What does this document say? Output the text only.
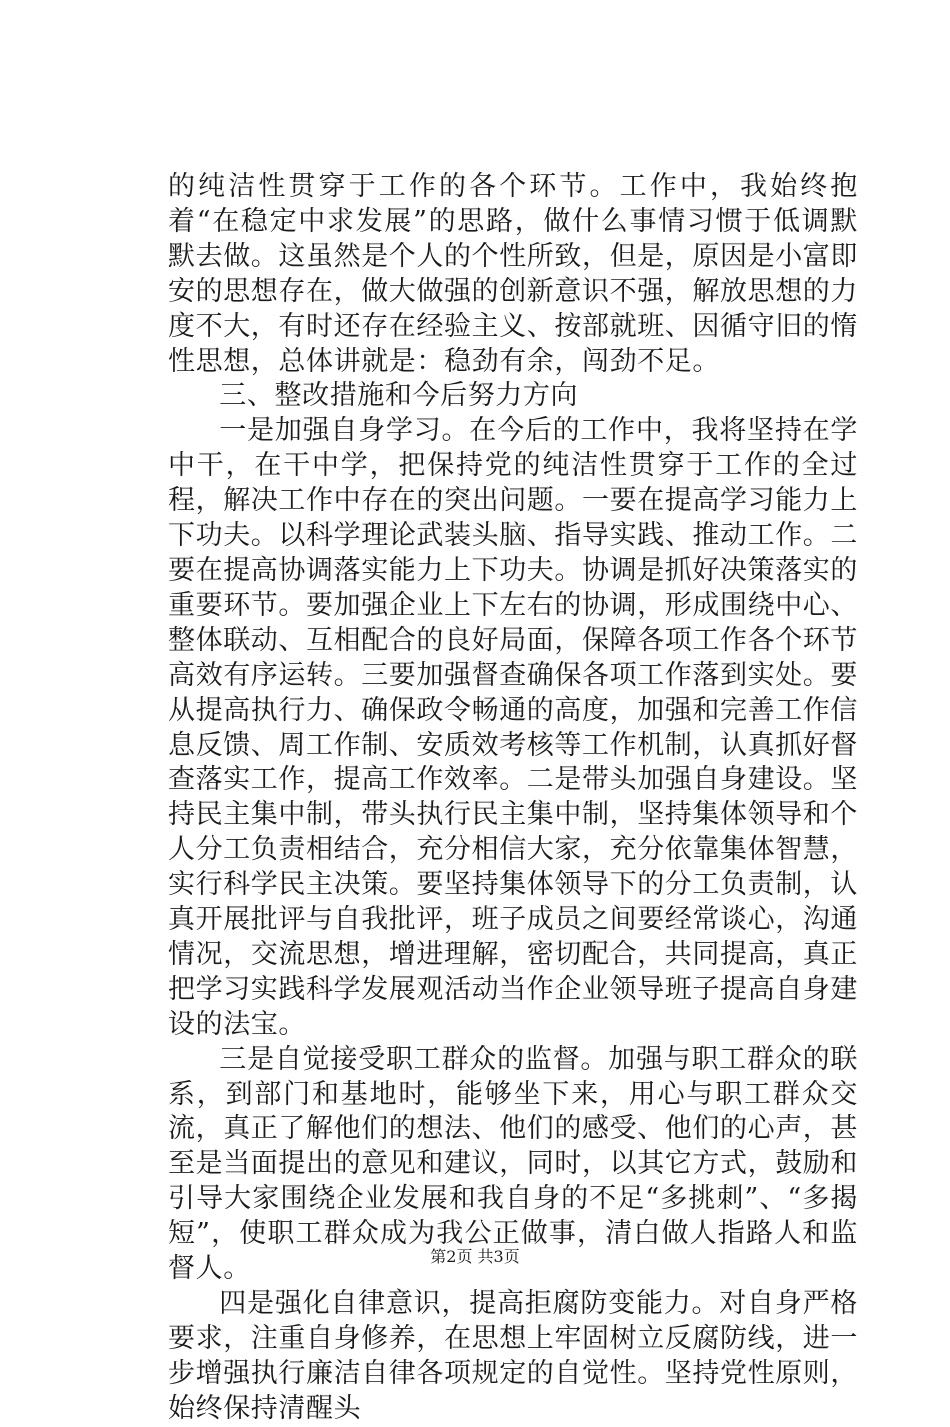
的纯洁性贯穿于工作的各个环节。工作中，我始终抱着“在稳定中求发展”的思路，做什么事情习惯于低调默默去做。这虽然是个人的个性所致，但是，原因是小富即安的思想存在，做大做强的创新意识不强，解放思想的力度不大，有时还存在经验主义、按部就班、因循守旧的惰性思想，总体讲就是：稳劲有余，闯劲不足。

三、整改措施和今后努力方向

一是加强自身学习。在今后的工作中，我将坚持在学中干，在干中学，把保持党的纯洁性贯穿于工作的全过程，解决工作中存在的突出问题。一要在提高学习能力上下功夫。以科学理论武装头脑、指导实践、推动工作。二要在提高协调落实能力上下功夫。协调是抓好决策落实的重要环节。要加强企业上下左右的协调，形成围绕中心、整体联动、互相配合的良好局面，保障各项工作各个环节高效有序运转。三要加强督查确保各项工作落到实处。要从提高执行力、确保政令畅通的高度，加强和完善工作信息反馈、周工作制、安质效考核等工作机制，认真抓好督查落实工作，提高工作效率。二是带头加强自身建设。坚持民主集中制，带头执行民主集中制，坚持集体领导和个人分工负责相结合，充分相信大家，充分依靠集体智慧，实行科学民主决策。要坚持集体领导下的分工负责制，认真开展批评与自我批评，班子成员之间要经常谈心，沟通情况，交流思想，增进理解，密切配合，共同提高，真正把学习实践科学发展观活动当作企业领导班子提高自身建设的法宝。

三是自觉接受职工群众的监督。加强与职工群众的联系，到部门和基地时，能够坐下来，用心与职工群众交流，真正了解他们的想法、他们的感受、他们的心声，甚至是当面提出的意见和建议，同时，以其它方式，鼓励和引导大家围绕企业发展和我自身的不足“多挑刺”、“多揭短”，使职工群众成为我公正做事，清白做人指路人和监督人。

四是强化自律意识，提高拒腐防变能力。对自身严格要求，注重自身修养，在思想上牢固树立反腐防线，进一步增强执行廉洁自律各项规定的自觉性。坚持党性原则，始终保持清醒头

第2页 共3页
